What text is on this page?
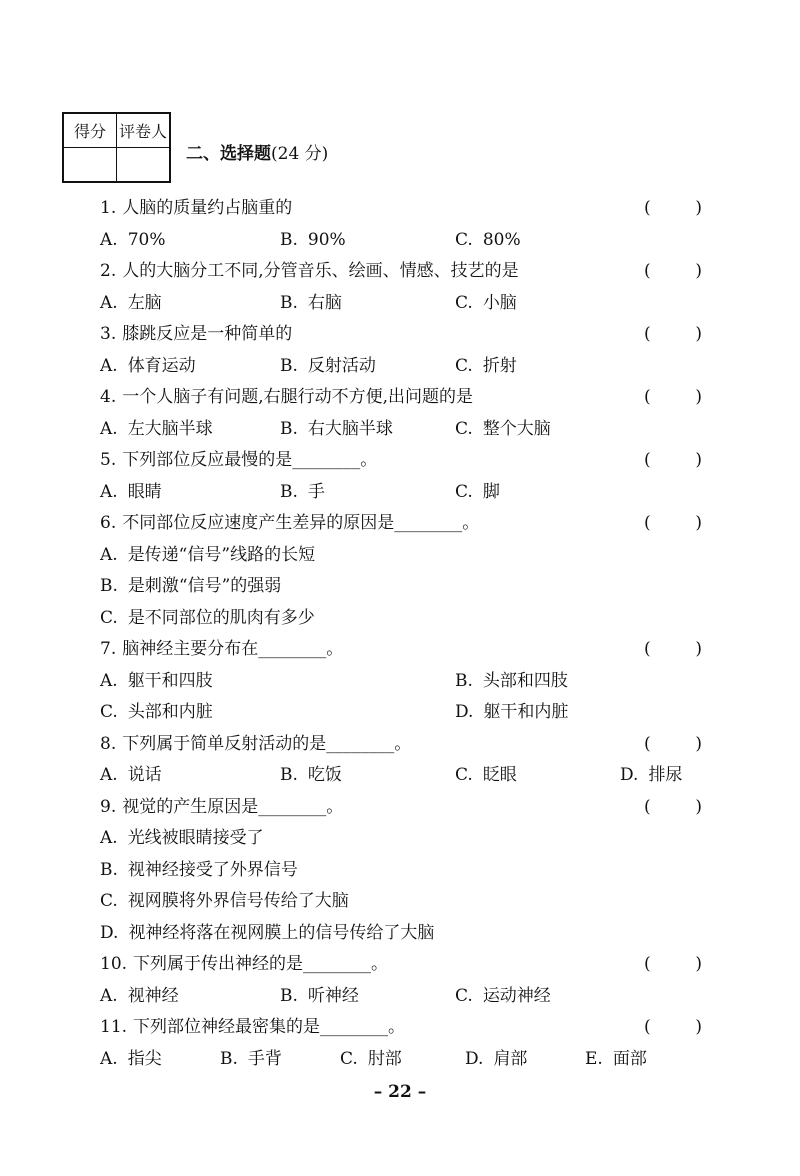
得分	评卷人

二、选择题(24 分)
1. 人脑的质量约占脑重的	(	)
A. 70%	B. 90%	C. 80%
2. 人的大脑分工不同,分管音乐、绘画、情感、技艺的是	(	)
A. 左脑	B. 右脑	C. 小脑
3. 膝跳反应是一种简单的	(	)
A. 体育运动	B. 反射活动	C. 折射
4. 一个人脑子有问题,右腿行动不方便,出问题的是	(	)
A. 左大脑半球	B. 右大脑半球	C. 整个大脑
5. 下列部位反应最慢的是________。	(	)
A. 眼睛	B. 手	C. 脚
6. 不同部位反应速度产生差异的原因是________。	(	)
A. 是传递“信号”线路的长短
B. 是刺激“信号”的强弱
C. 是不同部位的肌肉有多少
7. 脑神经主要分布在________。	(	)
A. 躯干和四肢	B. 头部和四肢
C. 头部和内脏	D. 躯干和内脏
8. 下列属于简单反射活动的是________。	(	)
A. 说话	B. 吃饭	C. 眨眼	D. 排尿
9. 视觉的产生原因是________。	(	)
A. 光线被眼睛接受了
B. 视神经接受了外界信号
C. 视网膜将外界信号传给了大脑
D. 视神经将落在视网膜上的信号传给了大脑
10. 下列属于传出神经的是________。	(	)
A. 视神经	B. 听神经	C. 运动神经
11. 下列部位神经最密集的是________。	(	)
A. 指尖	B. 手背	C. 肘部	D. 肩部	E. 面部
– 22 –
